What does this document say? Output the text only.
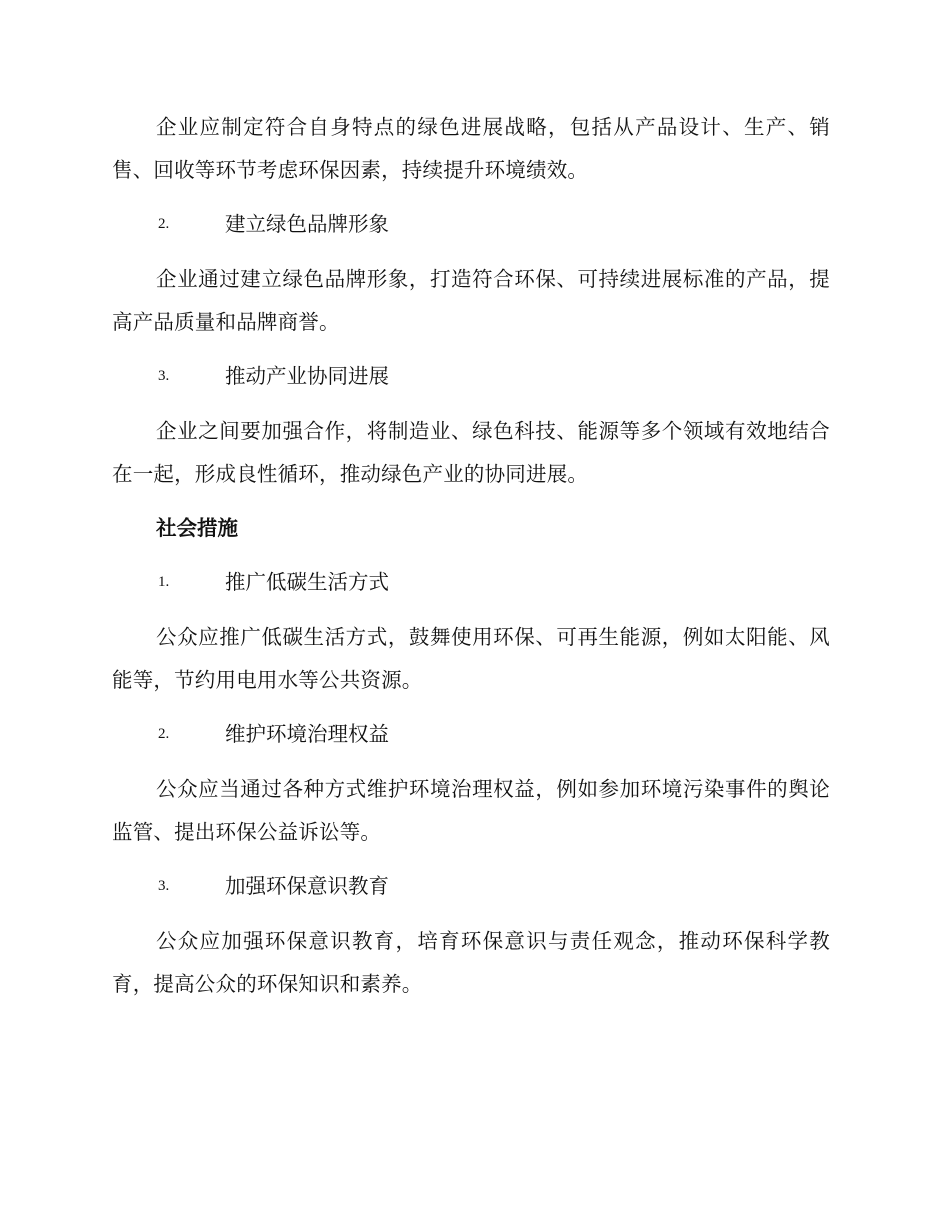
企业应制定符合自身特点的绿色进展战略，包括从产品设计、生产、销售、回收等环节考虑环保因素，持续提升环境绩效。

2.	建立绿色品牌形象

企业通过建立绿色品牌形象，打造符合环保、可持续进展标准的产品，提高产品质量和品牌商誉。

3.	推动产业协同进展

企业之间要加强合作，将制造业、绿色科技、能源等多个领域有效地结合在一起，形成良性循环，推动绿色产业的协同进展。

社会措施
1.	推广低碳生活方式

公众应推广低碳生活方式，鼓舞使用环保、可再生能源，例如太阳能、风能等，节约用电用水等公共资源。

2.	维护环境治理权益

公众应当通过各种方式维护环境治理权益，例如参加环境污染事件的舆论监管、提出环保公益诉讼等。

3.	加强环保意识教育

公众应加强环保意识教育，培育环保意识与责任观念，推动环保科学教育，提高公众的环保知识和素养。
